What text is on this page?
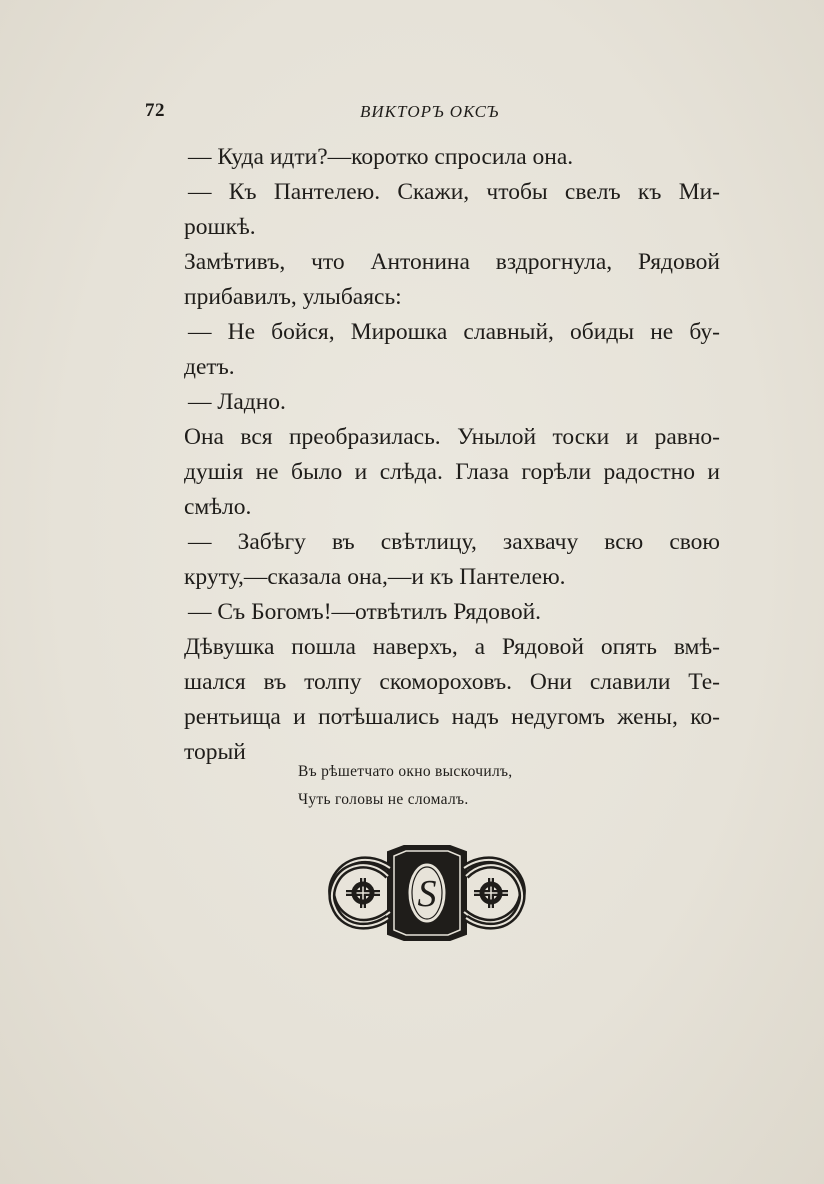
72	ВИКТОРЪ ОКСЪ
— Куда идти?—коротко спросила она.
— Къ Пантелею. Скажи, чтобы свелъ къ Ми-
рошкѣ.
Замѣтивъ, что Антонина вздрогнула, Рядовой
прибавилъ, улыбаясь:
— Не бойся, Мирошка славный, обиды не бу-
детъ.
— Ладно.
Она вся преобразилась. Унылой тоски и равно-
душія не было и слѣда. Глаза горѣли радостно и
смѣло.
— Забѣгу въ свѣтлицу, захвачу всю свою
круту,—сказала она,—и къ Пантелею.
— Съ Богомъ!—отвѣтилъ Рядовой.
Дѣвушка пошла наверхъ, а Рядовой опять вмѣ-
шался въ толпу скомороховъ. Они славили Те-
рентьища и потѣшались надъ недугомъ жены, ко-
торый
Въ рѣшетчато окно выскочилъ,
Чуть головы не сломалъ.
S
